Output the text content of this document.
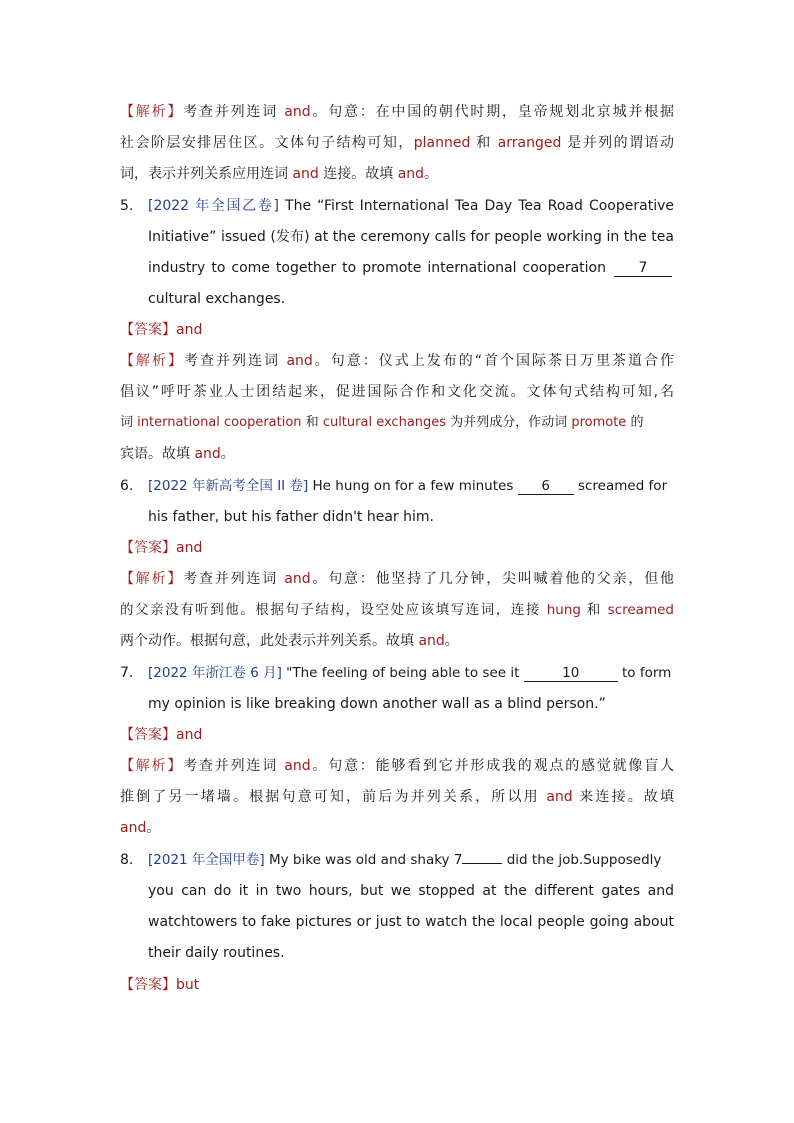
【解析】考查并列连词 and。句意：在中国的朝代时期，皇帝规划北京城并根据
社会阶层安排居住区。文体句子结构可知，planned 和 arranged 是并列的谓语动
词，表示并列关系应用连词 and 连接。故填 and。
5. [2022 年全国乙卷] The “First International Tea Day Tea Road Cooperative
Initiative” issued (发布) at the ceremony calls for people working in the tea
industry to come together to promote international cooperation 7
cultural exchanges.
【答案】and
【解析】考查并列连词 and。句意：仪式上发布的“首个国际茶日万里茶道合作
倡议”呼吁茶业人士团结起来，促进国际合作和文化交流。文体句式结构可知,名
词 international cooperation 和 cultural exchanges 为并列成分，作动词 promote 的
宾语。故填 and。
6. [2022 年新高考全国 II 卷] He hung on for a few minutes 6 screamed for
his father, but his father didn't hear him.
【答案】and
【解析】考查并列连词 and。句意：他坚持了几分钟，尖叫喊着他的父亲，但他
的父亲没有听到他。根据句子结构，设空处应该填写连词，连接 hung 和 screamed
两个动作。根据句意，此处表示并列关系。故填 and。
7. [2022 年浙江卷 6 月] "The feeling of being able to see it	10	to form
my opinion is like breaking down another wall as a blind person.”
【答案】and
【解析】考查并列连词 and。句意：能够看到它并形成我的观点的感觉就像盲人
推倒了另一堵墙。根据句意可知，前后为并列关系，所以用 and 来连接。故填
and。
8. [2021 年全国甲卷] My bike was old and shaky 7	did the job.Supposedly
you can do it in two hours, but we stopped at the different gates and
watchtowers to fake pictures or just to watch the local people going about
their daily routines.
【答案】but
